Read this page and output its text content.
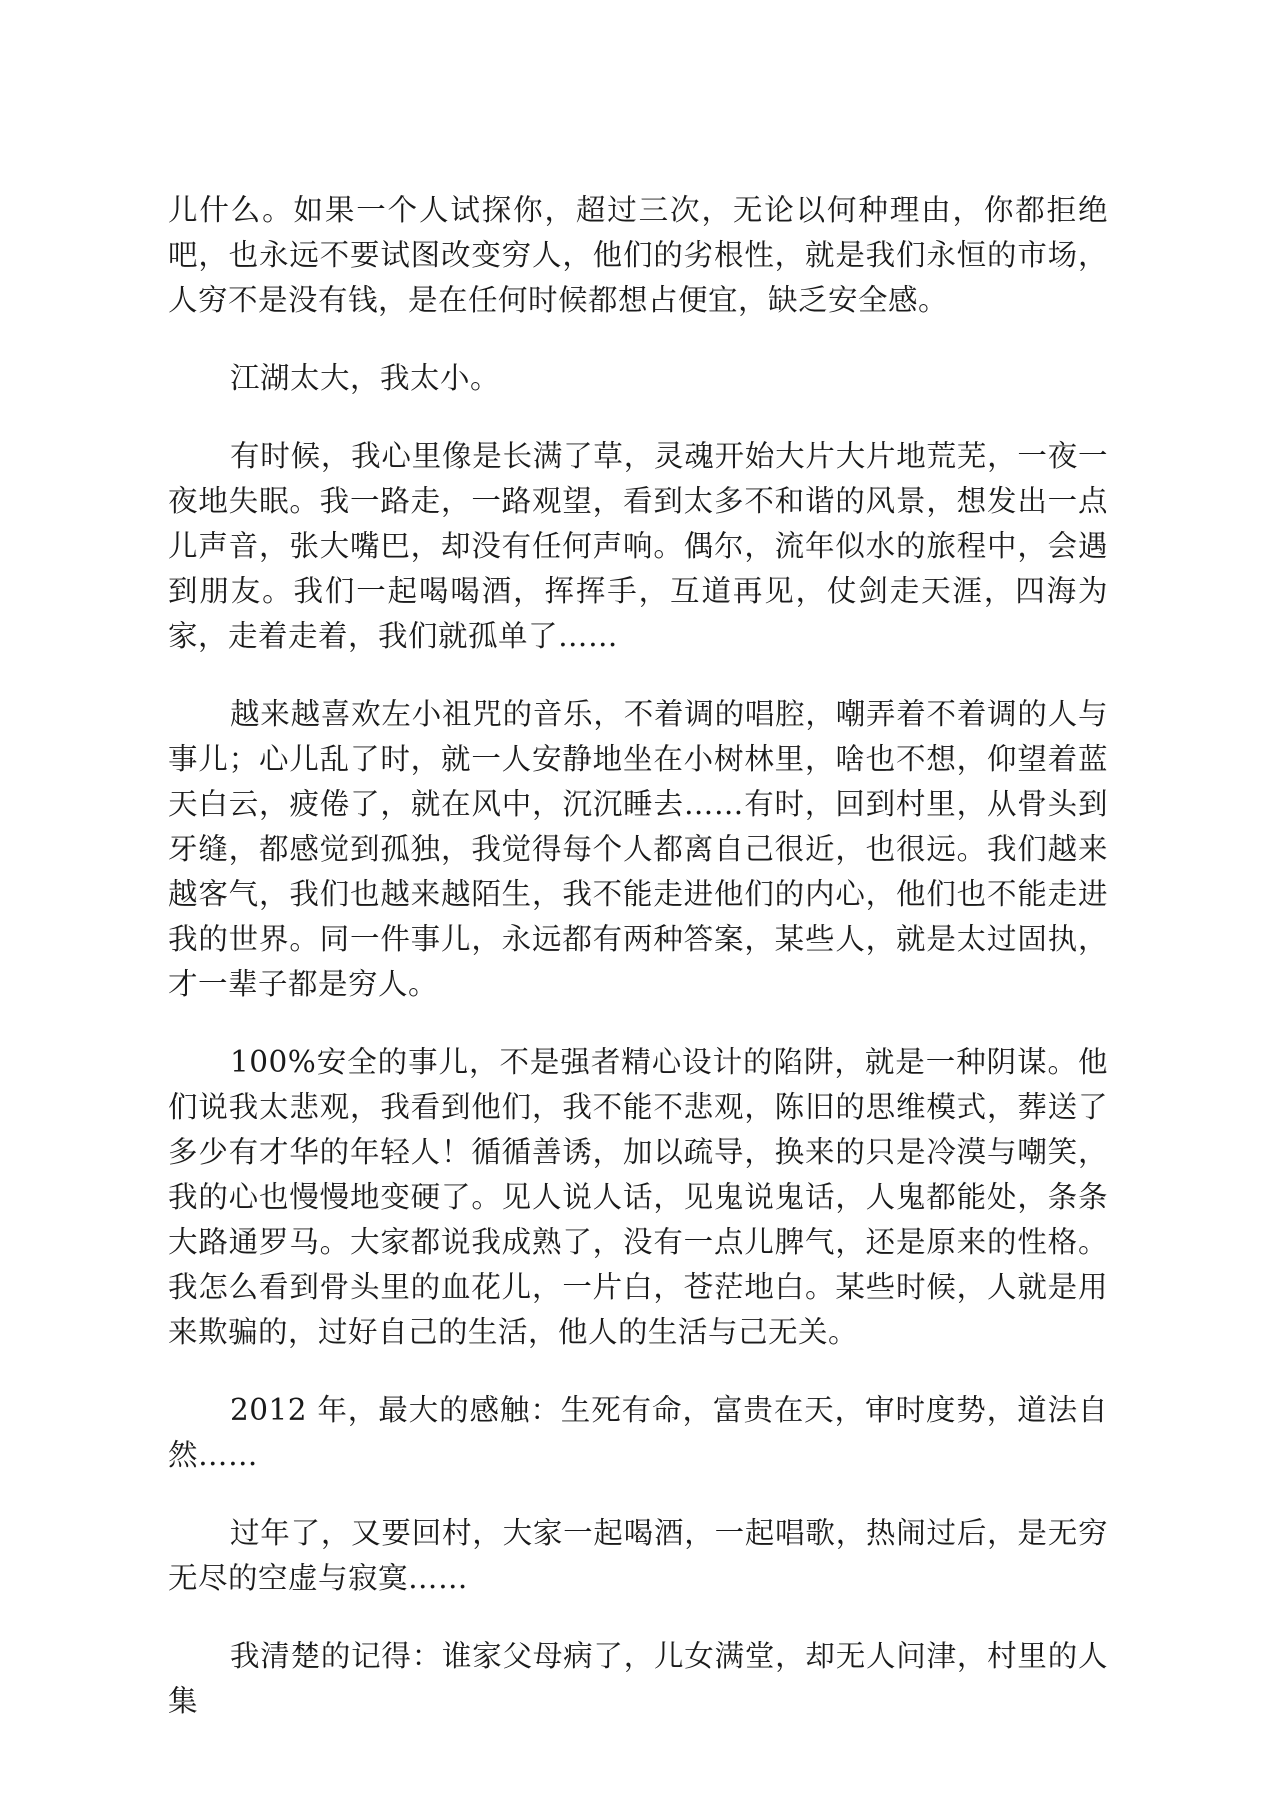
儿什么。如果一个人试探你，超过三次，无论以何种理由，你都拒绝吧，也永远不要试图改变穷人，他们的劣根性，就是我们永恒的市场，人穷不是没有钱，是在任何时候都想占便宜，缺乏安全感。

江湖太大，我太小。

有时候，我心里像是长满了草，灵魂开始大片大片地荒芜，一夜一夜地失眠。我一路走，一路观望，看到太多不和谐的风景，想发出一点儿声音，张大嘴巴，却没有任何声响。偶尔，流年似水的旅程中，会遇到朋友。我们一起喝喝酒，挥挥手，互道再见，仗剑走天涯，四海为家，走着走着，我们就孤单了……

越来越喜欢左小祖咒的音乐，不着调的唱腔，嘲弄着不着调的人与事儿；心儿乱了时，就一人安静地坐在小树林里，啥也不想，仰望着蓝天白云，疲倦了，就在风中，沉沉睡去……有时，回到村里，从骨头到牙缝，都感觉到孤独，我觉得每个人都离自己很近，也很远。我们越来越客气，我们也越来越陌生，我不能走进他们的内心，他们也不能走进我的世界。同一件事儿，永远都有两种答案，某些人，就是太过固执，才一辈子都是穷人。

100%安全的事儿，不是强者精心设计的陷阱，就是一种阴谋。他们说我太悲观，我看到他们，我不能不悲观，陈旧的思维模式，葬送了多少有才华的年轻人！循循善诱，加以疏导，换来的只是冷漠与嘲笑，我的心也慢慢地变硬了。见人说人话，见鬼说鬼话，人鬼都能处，条条大路通罗马。大家都说我成熟了，没有一点儿脾气，还是原来的性格。我怎么看到骨头里的血花儿，一片白，苍茫地白。某些时候，人就是用来欺骗的，过好自己的生活，他人的生活与己无关。

2012 年，最大的感触：生死有命，富贵在天，审时度势，道法自然……

过年了，又要回村，大家一起喝酒，一起唱歌，热闹过后，是无穷无尽的空虚与寂寞……

我清楚的记得：谁家父母病了，儿女满堂，却无人问津，村里的人集
